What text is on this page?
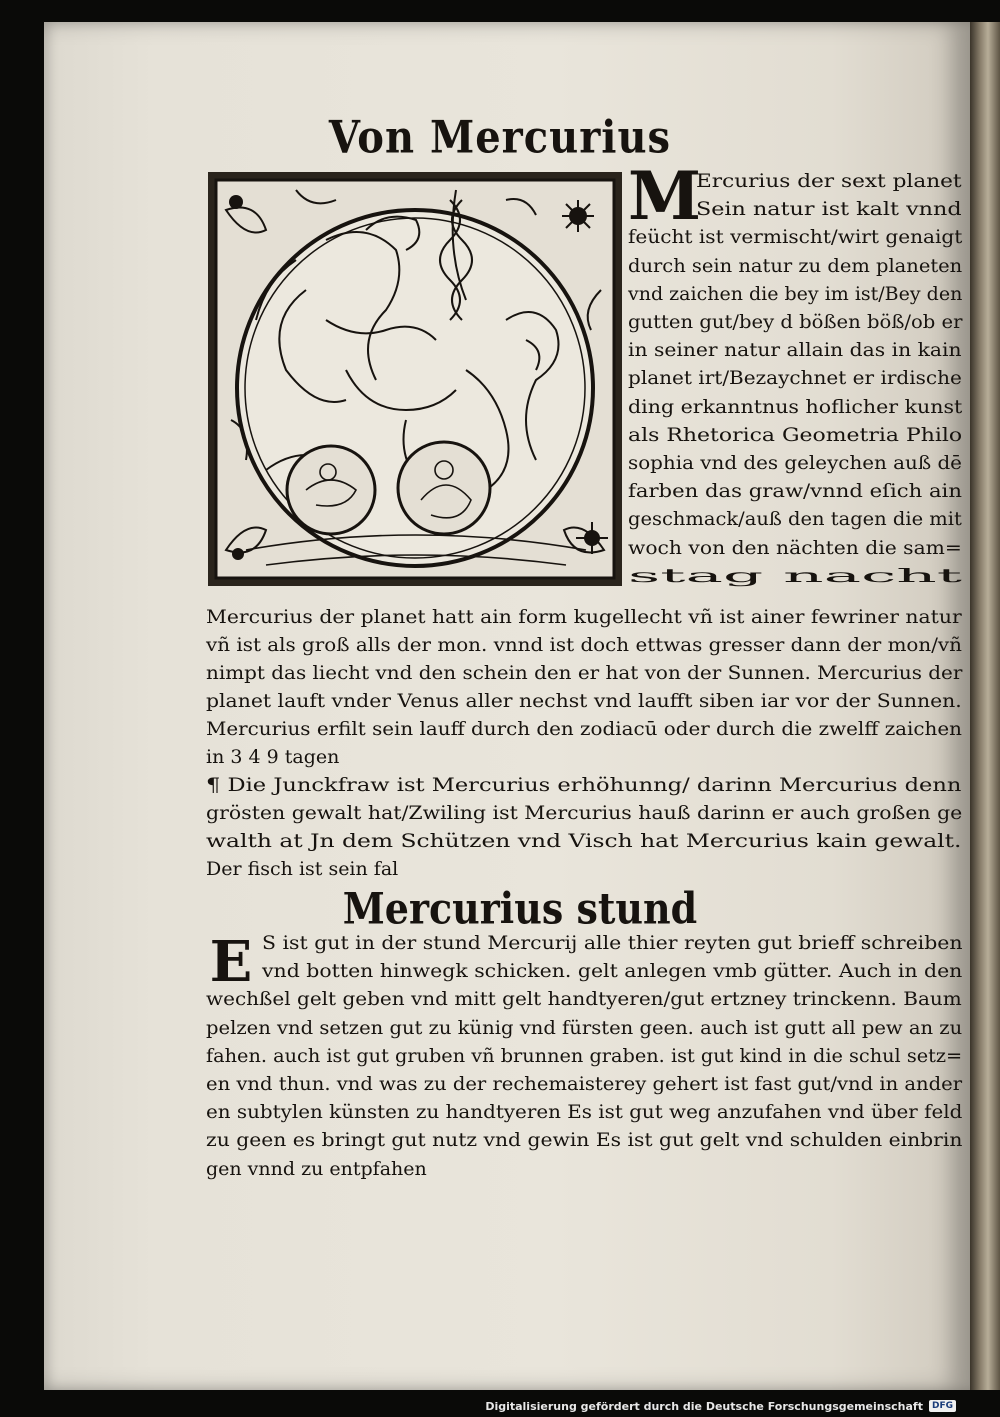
Von Mercurius
M
Ercurius der sext planet
Sein natur ist kalt vnnd
feücht ist vermischt/wirt genaigt
durch sein natur zu dem planeten
vnd zaichen die bey im ist/Bey den
gutten gut/bey d bößen böß/ob er
in seiner natur allain das in kain
planet irt/Bezaychnet er irdische
ding erkanntnus hoflicher kunst
als Rhetorica Geometria Philo
sophia vnd des geleychen auß dē
farben das graw/vnnd eſich ain
geschmack/auß den tagen die mit
woch von den nächten die sam=
stag nacht
Mercurius der planet hatt ain form kugellecht vñ ist ainer fewriner natur
vñ ist als groß alls der mon. vnnd ist doch ettwas gresser dann der mon/vñ
nimpt das liecht vnd den schein den er hat von der Sunnen. Mercurius der
planet lauft vnder Venus aller nechst vnd laufft siben iar vor der Sunnen.
Mercurius erfilt sein lauff durch den zodiacū oder durch die zwelff zaichen
in 3 4 9 tagen
¶ Die Junckfraw ist Mercurius erhöhunng/ darinn Mercurius denn
grösten gewalt hat/Zwiling ist Mercurius hauß darinn er auch großen ge
walth at Jn dem Schützen vnd Visch hat Mercurius kain gewalt.
Der fisch ist sein fal
Mercurius stund
E S ist gut in der stund Mercurij alle thier reyten gut brieff schreiben
vnd botten hinwegk schicken. gelt anlegen vmb gütter. Auch in den
wechßel gelt geben vnd mitt gelt handtyeren/gut ertzney trinckenn. Baum
pelzen vnd setzen gut zu künig vnd fürsten geen. auch ist gutt all pew an zu
fahen. auch ist gut gruben vñ brunnen graben. ist gut kind in die schul setz=
en vnd thun. vnd was zu der rechemaisterey gehert ist fast gut/vnd in ander
en subtylen künsten zu handtyeren Es ist gut weg anzufahen vnd über feld
zu geen es bringt gut nutz vnd gewin Es ist gut gelt vnd schulden einbrin
gen vnnd zu entpfahen
Digitalisierung gefördert durch die Deutsche Forschungsgemeinschaft	DFG
